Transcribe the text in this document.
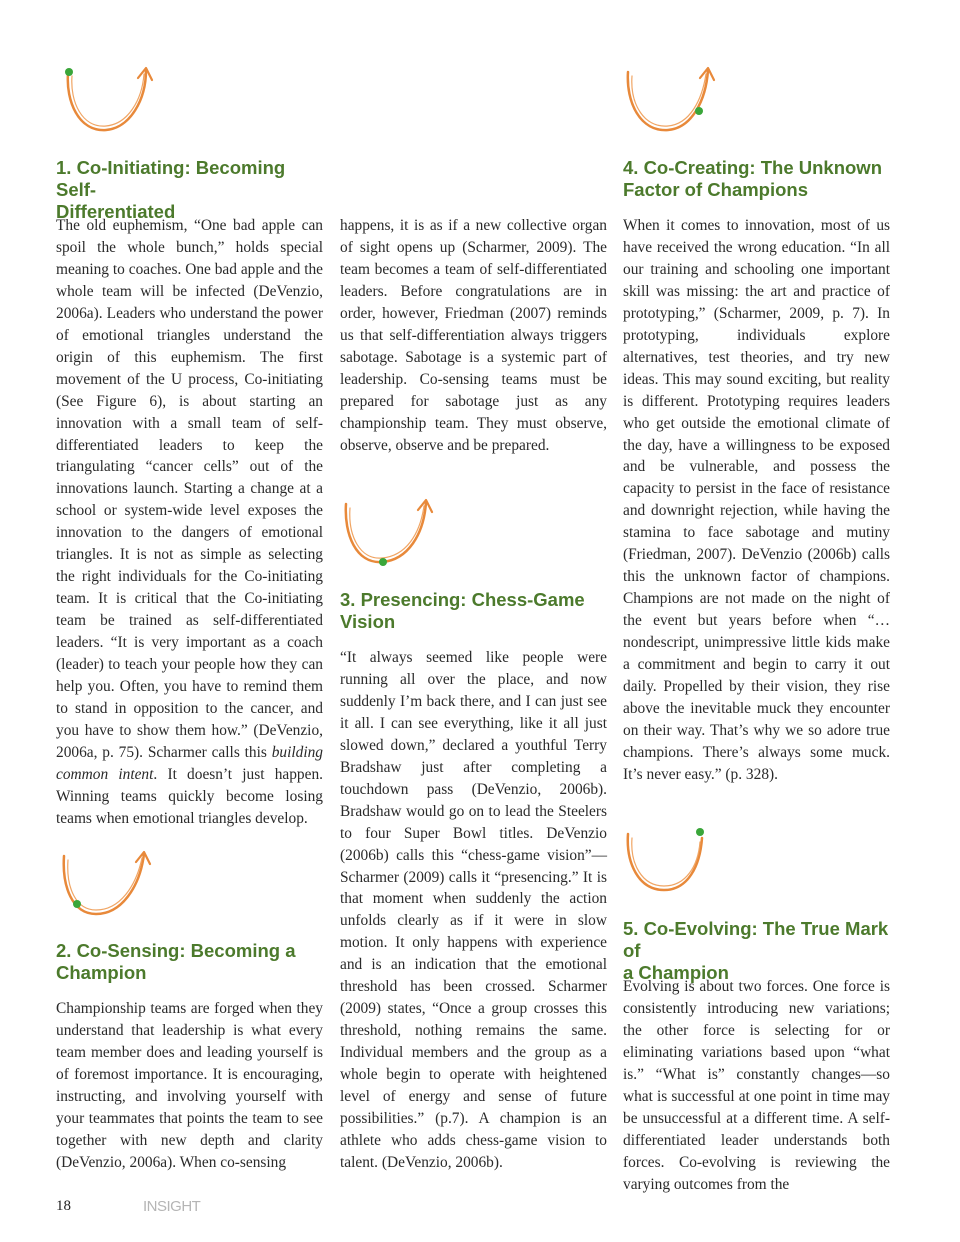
1. Co-Initiating: Becoming Self-
Differentiated

The old euphemism, “One bad apple can spoil the whole bunch,” holds special meaning to coaches. One bad apple and the whole team will be infected (DeVenzio, 2006a). Leaders who understand the power of emotional triangles understand the origin of this euphemism. The first movement of the U process, Co-initiating (See Figure 6), is about starting an innovation with a small team of self-differentiated leaders to keep the triangulating “cancer cells” out of the innovations launch. Starting a change at a school or system-wide level exposes the innovation to the dangers of emotional triangles. It is not as simple as selecting the right individuals for the Co-initiating team. It is critical that the Co-initiating team be trained as self-differentiated leaders. “It is very important as a coach (leader) to teach your people how they can help you. Often, you have to remind them to stand in opposition to the cancer, and you have to show them how.” (DeVenzio, 2006a, p. 75). Scharmer calls this building common intent. It doesn’t just happen. Winning teams quickly become losing teams when emotional triangles develop.

2. Co-Sensing: Becoming a
Champion

Championship teams are forged when they understand that leadership is what every team member does and leading yourself is of foremost importance. It is encouraging, instructing, and involving yourself with your teammates that points the team to see together with new depth and clarity (DeVenzio, 2006a). When co-sensing

happens, it is as if a new collective organ of sight opens up (Scharmer, 2009). The team becomes a team of self-differentiated leaders. Before congratulations are in order, however, Friedman (2007) reminds us that self-differentiation always triggers sabotage. Sabotage is a systemic part of leadership. Co-sensing teams must be prepared for sabotage just as any championship team. They must observe, observe, observe and be prepared.

3. Presencing: Chess-Game
Vision

“It always seemed like people were running all over the place, and now suddenly I’m back there, and I can just see it all. I can see everything, like it all just slowed down,” declared a youthful Terry Bradshaw just after completing a touchdown pass (DeVenzio, 2006b). Bradshaw would go on to lead the Steelers to four Super Bowl titles. DeVenzio (2006b) calls this “chess-game vision”—Scharmer (2009) calls it “presencing.” It is that moment when suddenly the action unfolds clearly as if it were in slow motion. It only happens with experience and is an indication that the emotional threshold has been crossed. Scharmer (2009) states, “Once a group crosses this threshold, nothing remains the same. Individual members and the group as a whole begin to operate with heightened level of energy and sense of future possibilities.” (p.7). A champion is an athlete who adds chess-game vision to talent. (DeVenzio, 2006b).

4. Co-Creating: The Unknown
Factor of Champions

When it comes to innovation, most of us have received the wrong education. “In all our training and schooling one important skill was missing: the art and practice of prototyping,” (Scharmer, 2009, p. 7). In prototyping, individuals explore alternatives, test theories, and try new ideas. This may sound exciting, but reality is different. Prototyping requires leaders who get outside the emotional climate of the day, have a willingness to be exposed and be vulnerable, and possess the capacity to persist in the face of resistance and downright rejection, while having the stamina to face sabotage and mutiny (Friedman, 2007). DeVenzio (2006b) calls this the unknown factor of champions. Champions are not made on the night of the event but years before when “… nondescript, unimpressive little kids make a commitment and begin to carry it out daily. Propelled by their vision, they rise above the inevitable muck they encounter on their way. That’s why we so adore true champions. There’s always some muck. It’s never easy.” (p. 328).

5. Co-Evolving: The True Mark of
a Champion

Evolving is about two forces. One force is consistently introducing new variations; the other force is selecting for or eliminating variations based upon “what is.” “What is” constantly changes—so what is successful at one point in time may be unsuccessful at a different time. A self-differentiated leader understands both forces. Co-evolving is reviewing the varying outcomes from the

18	INSIGHT
